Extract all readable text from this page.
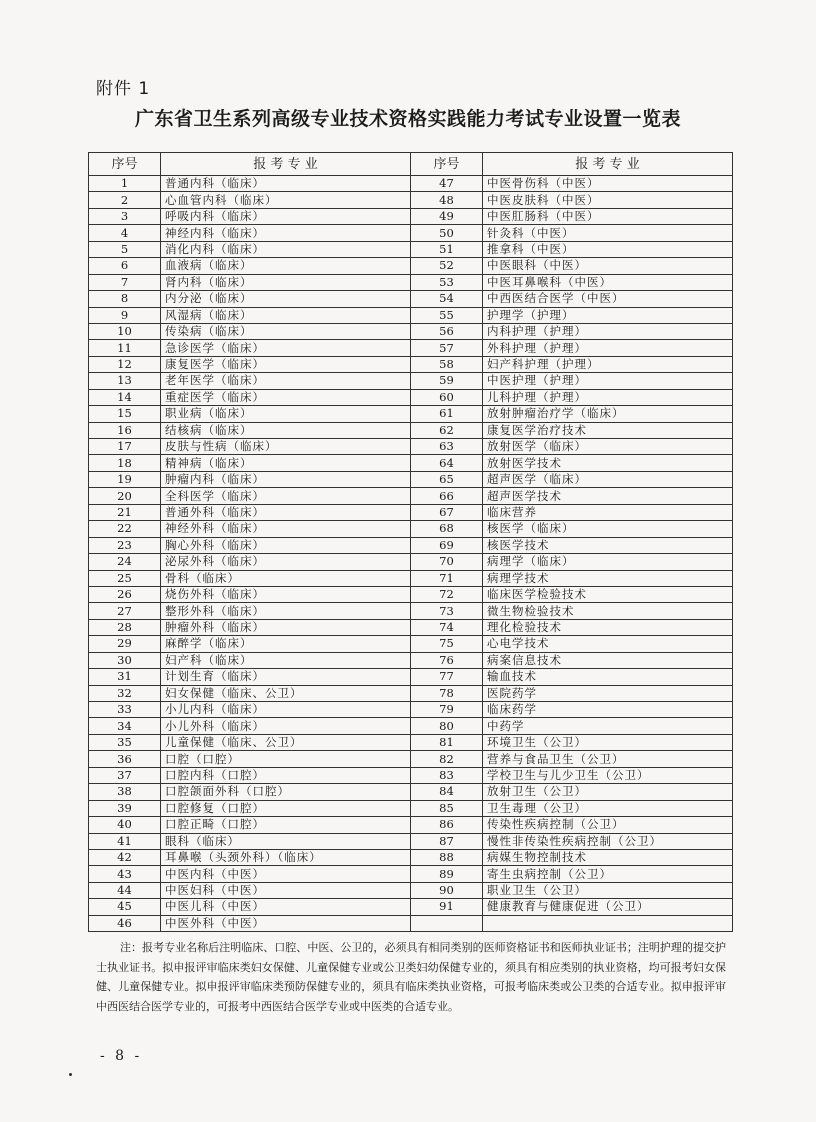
附件 1
广东省卫生系列高级专业技术资格实践能力考试专业设置一览表
序号	报 考 专 业	序号	报 考 专 业
1	普通内科（临床）	47	中医骨伤科（中医）
2	心血管内科（临床）	48	中医皮肤科（中医）
3	呼吸内科（临床）	49	中医肛肠科（中医）
4	神经内科（临床）	50	针灸科（中医）
5	消化内科（临床）	51	推拿科（中医）
6	血液病（临床）	52	中医眼科（中医）
7	肾内科（临床）	53	中医耳鼻喉科（中医）
8	内分泌（临床）	54	中西医结合医学（中医）
9	风湿病（临床）	55	护理学（护理）
10	传染病（临床）	56	内科护理（护理）
11	急诊医学（临床）	57	外科护理（护理）
12	康复医学（临床）	58	妇产科护理（护理）
13	老年医学（临床）	59	中医护理（护理）
14	重症医学（临床）	60	儿科护理（护理）
15	职业病（临床）	61	放射肿瘤治疗学（临床）
16	结核病（临床）	62	康复医学治疗技术
17	皮肤与性病（临床）	63	放射医学（临床）
18	精神病（临床）	64	放射医学技术
19	肿瘤内科（临床）	65	超声医学（临床）
20	全科医学（临床）	66	超声医学技术
21	普通外科（临床）	67	临床营养
22	神经外科（临床）	68	核医学（临床）
23	胸心外科（临床）	69	核医学技术
24	泌尿外科（临床）	70	病理学（临床）
25	骨科（临床）	71	病理学技术
26	烧伤外科（临床）	72	临床医学检验技术
27	整形外科（临床）	73	微生物检验技术
28	肿瘤外科（临床）	74	理化检验技术
29	麻醉学（临床）	75	心电学技术
30	妇产科（临床）	76	病案信息技术
31	计划生育（临床）	77	输血技术
32	妇女保健（临床、公卫）	78	医院药学
33	小儿内科（临床）	79	临床药学
34	小儿外科（临床）	80	中药学
35	儿童保健（临床、公卫）	81	环境卫生（公卫）
36	口腔（口腔）	82	营养与食品卫生（公卫）
37	口腔内科（口腔）	83	学校卫生与儿少卫生（公卫）
38	口腔颌面外科（口腔）	84	放射卫生（公卫）
39	口腔修复（口腔）	85	卫生毒理（公卫）
40	口腔正畸（口腔）	86	传染性疾病控制（公卫）
41	眼科（临床）	87	慢性非传染性疾病控制（公卫）
42	耳鼻喉（头颈外科）（临床）	88	病媒生物控制技术
43	中医内科（中医）	89	寄生虫病控制（公卫）
44	中医妇科（中医）	90	职业卫生（公卫）
45	中医儿科（中医）	91	健康教育与健康促进（公卫）
46	中医外科（中医）		
注：报考专业名称后注明临床、口腔、中医、公卫的，必须具有相同类别的医师资格证书和医师执业证书；注明护理的提交护士执业证书。拟申报评审临床类妇女保健、儿童保健专业或公卫类妇幼保健专业的，须具有相应类别的执业资格，均可报考妇女保健、儿童保健专业。拟申报评审临床类预防保健专业的，须具有临床类执业资格，可报考临床类或公卫类的合适专业。拟申报评审中西医结合医学专业的，可报考中西医结合医学专业或中医类的合适专业。
- 8 -
